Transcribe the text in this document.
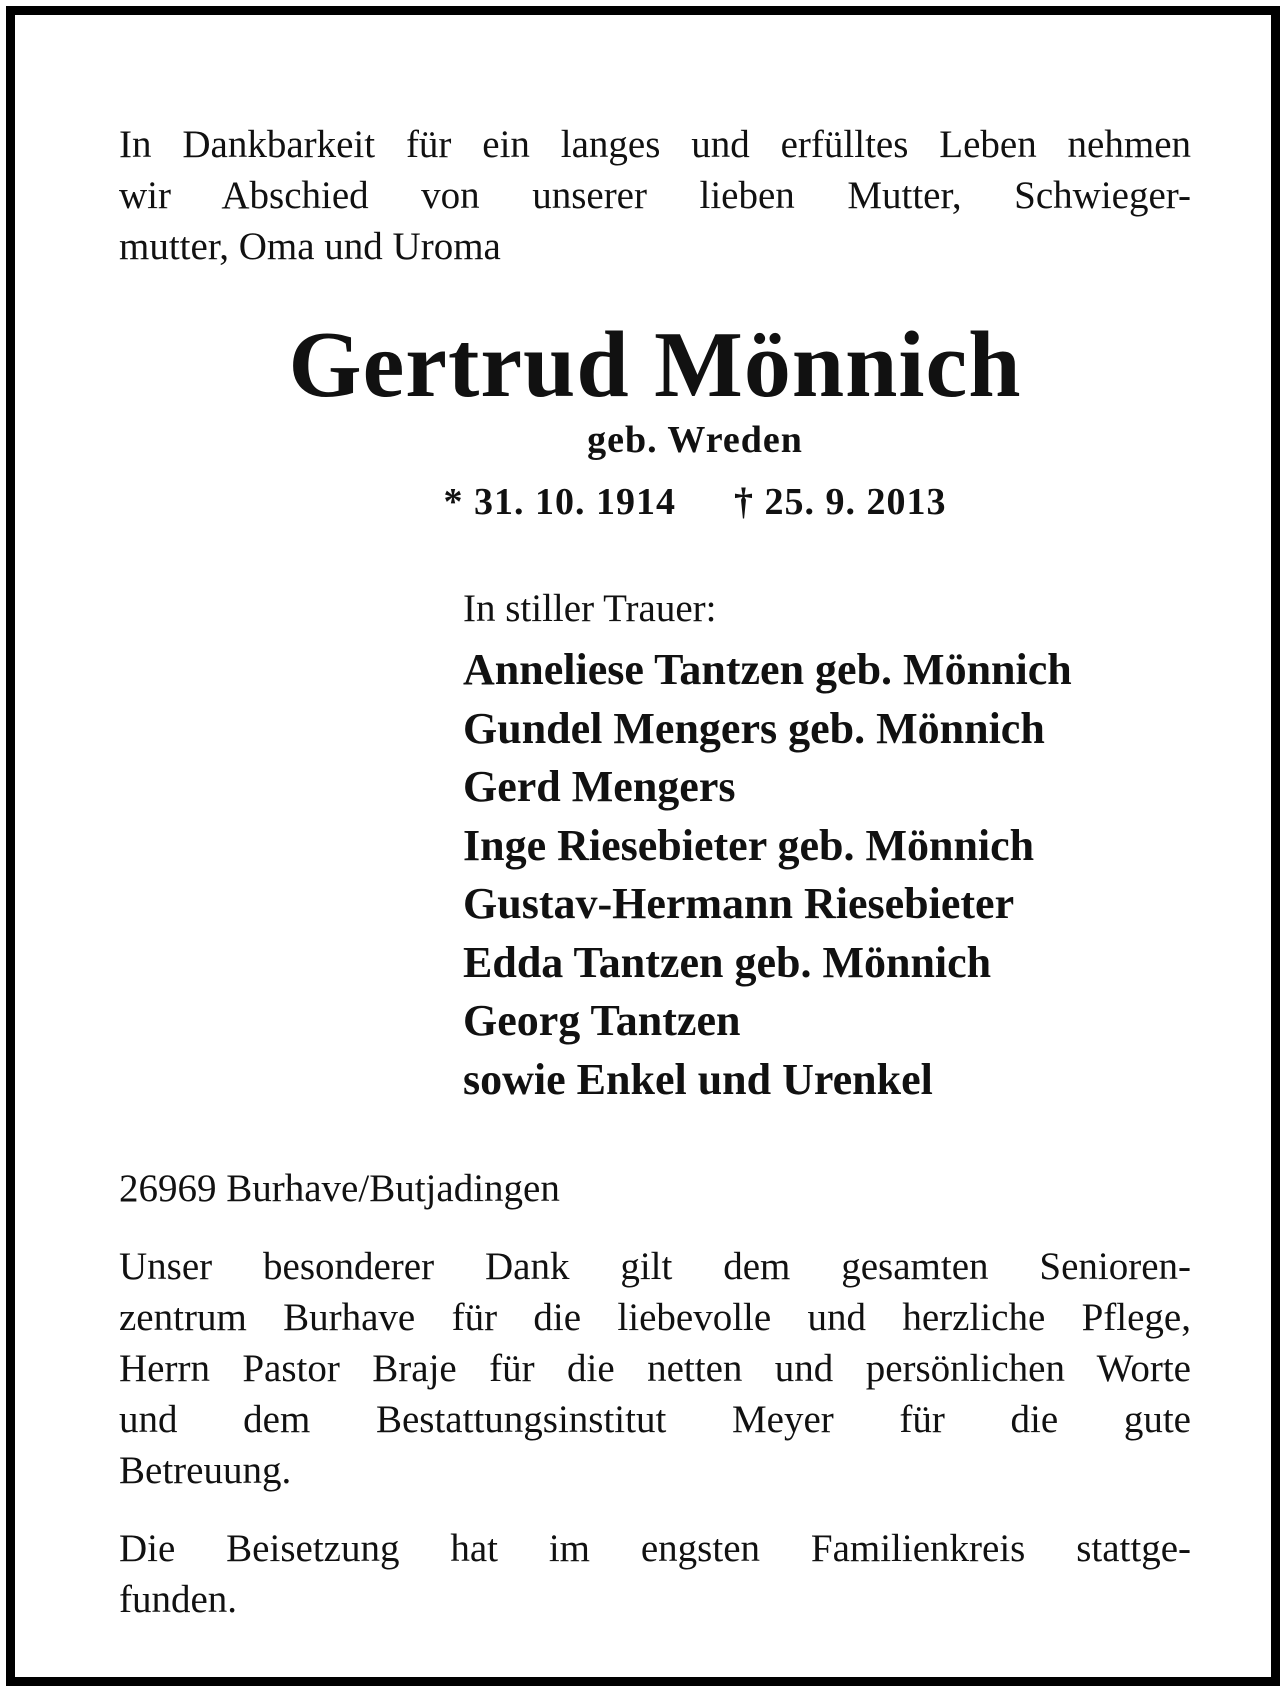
In Dankbarkeit für ein langes und erfülltes Leben nehmen
wir Abschied von unserer lieben Mutter, Schwieger-
mutter, Oma und Uroma
Gertrud Mönnich
geb. Wreden
* 31. 10. 1914 † 25. 9. 2013

In stiller Trauer:

Anneliese Tantzen geb. Mönnich

Gundel Mengers geb. Mönnich

Gerd Mengers

Inge Riesebieter geb. Mönnich

Gustav-Hermann Riesebieter

Edda Tantzen geb. Mönnich

Georg Tantzen

sowie Enkel und Urenkel

26969 Burhave/Butjadingen

Unser besonderer Dank gilt dem gesamten Senioren-
zentrum Burhave für die liebevolle und herzliche Pflege,
Herrn Pastor Braje für die netten und persönlichen Worte
und dem Bestattungsinstitut Meyer für die gute
Betreuung.
Die Beisetzung hat im engsten Familienkreis stattge-
funden.
